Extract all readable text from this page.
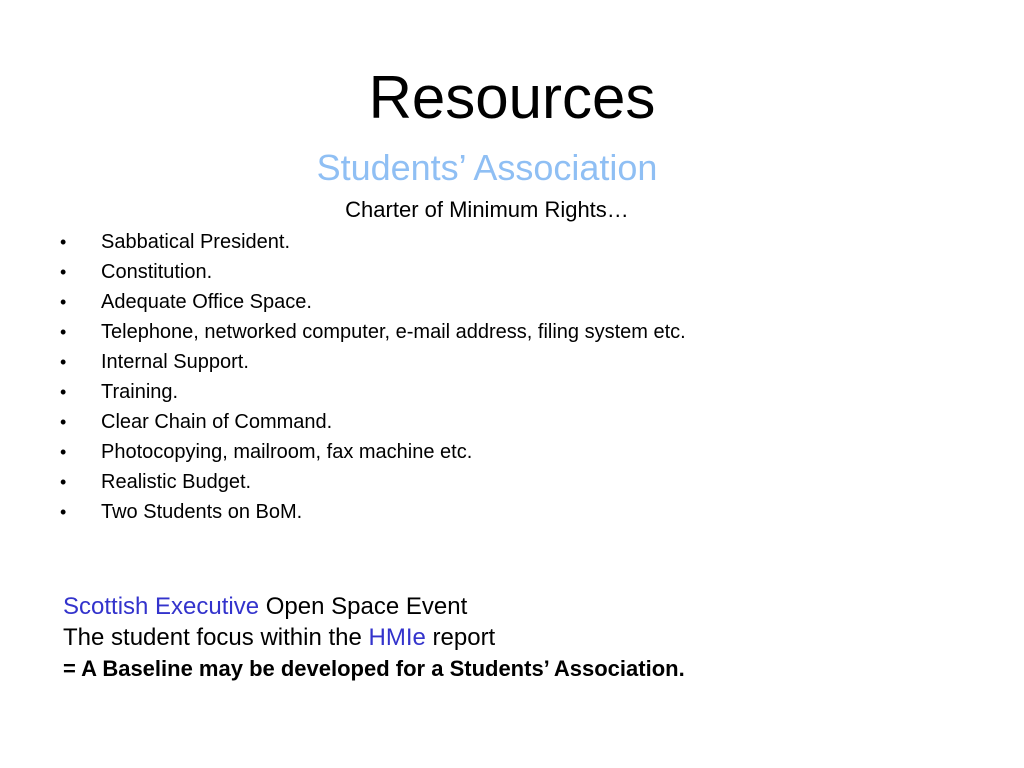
Resources

Students’ Association

Charter of Minimum Rights…

•	Sabbatical President.
•	Constitution.
•	Adequate Office Space.
•	Telephone, networked computer, e-mail address, filing system etc.
•	Internal Support.
•	Training.
•	Clear Chain of Command.
•	Photocopying, mailroom, fax machine etc.
•	Realistic Budget.
•	Two Students on BoM.
Scottish Executive Open Space Event
The student focus within the HMIe report
= A Baseline may be developed for a Students’ Association.
